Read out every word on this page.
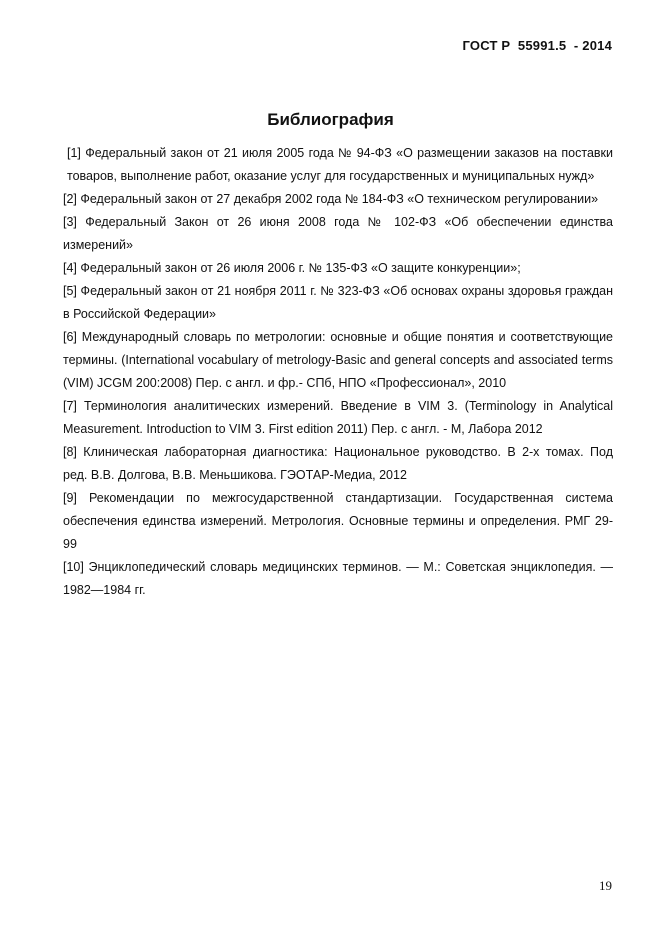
ГОСТ Р  55991.5  - 2014
Библиография
[1] Федеральный закон от 21 июля 2005 года № 94-ФЗ «О размещении заказов на поставки товаров, выполнение работ, оказание услуг для государственных и муниципальных нужд»
[2] Федеральный закон от 27 декабря 2002 года № 184-ФЗ «О техническом регулировании»
[3] Федеральный Закон от 26 июня 2008 года № 102-ФЗ «Об обеспечении единства измерений»
[4] Федеральный закон от 26 июля 2006 г. № 135-ФЗ «О защите конкуренции»;
[5] Федеральный закон от 21 ноября 2011 г. № 323-ФЗ «Об основах охраны здоровья граждан в Российской Федерации»
[6] Международный словарь по метрологии: основные и общие понятия и соответствующие термины. (International vocabulary of metrology-Basic and general concepts and associated terms (VIM) JCGM 200:2008) Пер. с англ. и фр.- СПб, НПО «Профессионал», 2010
[7] Терминология аналитических измерений. Введение в VIM 3. (Terminology in Analytical Measurement. Introduction to VIM 3. First edition 2011) Пер. с англ. - М, Лабора 2012
[8] Клиническая лабораторная диагностика: Национальное руководство. В 2-х томах. Под ред. В.В. Долгова, В.В. Меньшикова. ГЭОТАР-Медиа, 2012
[9] Рекомендации по межгосударственной стандартизации. Государственная система обеспечения единства измерений. Метрология. Основные термины и определения. РМГ 29-99
[10] Энциклопедический словарь медицинских терминов. — М.: Советская энциклопедия. — 1982—1984 гг.
19
